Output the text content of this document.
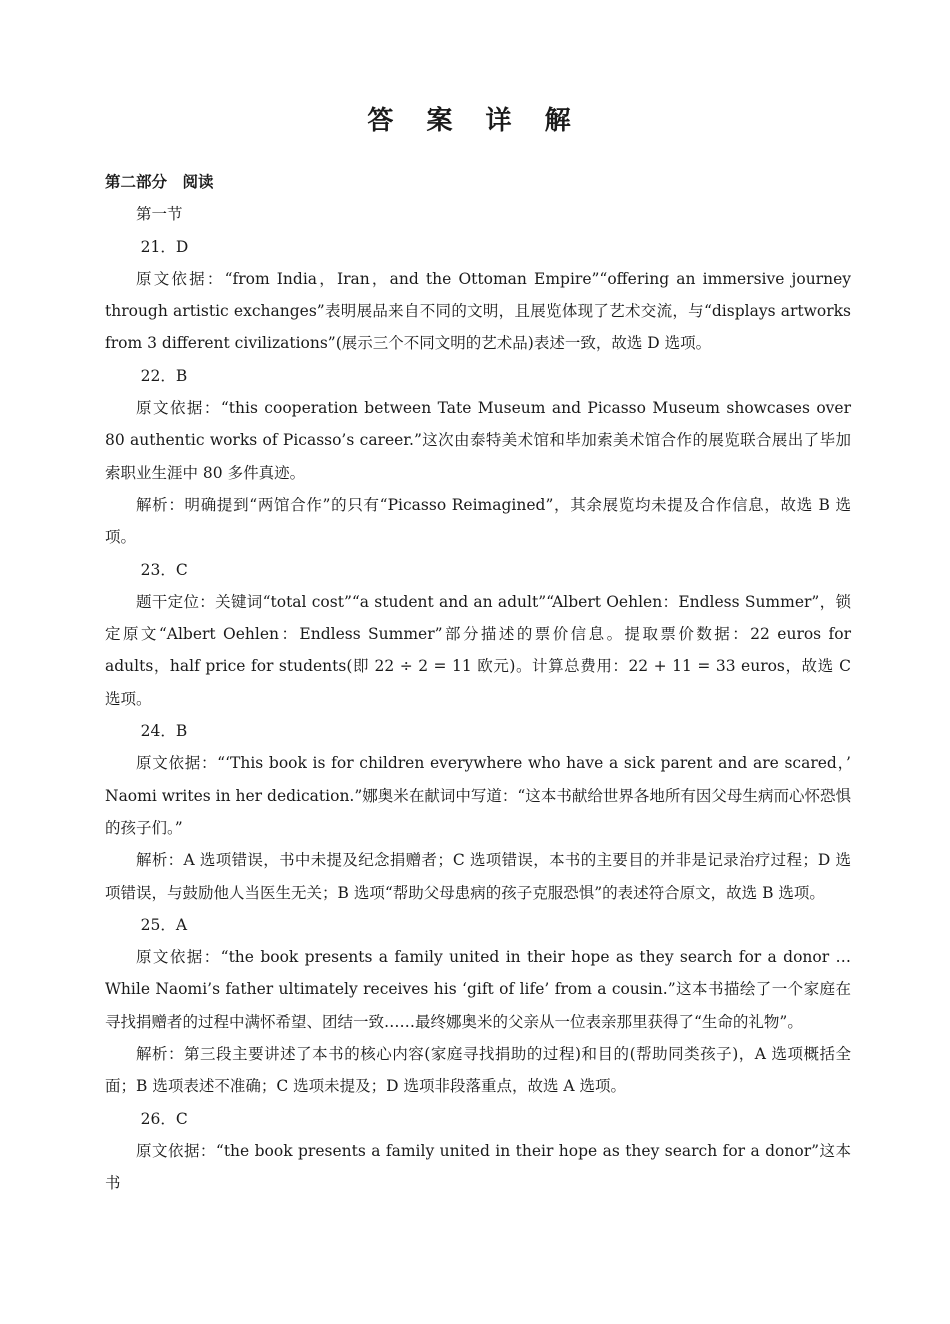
答 案 详 解

第二部分　阅读

第一节

21．D

原文依据：“from India，Iran，and the Ottoman Empire”“offering an immersive journey through artistic exchanges”表明展品来自不同的文明，且展览体现了艺术交流，与“displays artworks from 3 different civilizations”(展示三个不同文明的艺术品)表述一致，故选 D 选项。

22．B

原文依据：“this cooperation between Tate Museum and Picasso Museum showcases over 80 authentic works of Picasso’s career.”这次由泰特美术馆和毕加索美术馆合作的展览联合展出了毕加索职业生涯中 80 多件真迹。

解析：明确提到“两馆合作”的只有“Picasso Reimagined”，其余展览均未提及合作信息，故选 B 选项。

23．C

题干定位：关键词“total cost”“a student and an adult”“Albert Oehlen：Endless Summer”，锁定原文“Albert Oehlen：Endless Summer”部分描述的票价信息。提取票价数据：22 euros for adults，half price for students(即 22 ÷ 2 = 11 欧元)。计算总费用：22 + 11 = 33 euros，故选 C 选项。

24．B

原文依据：“‘This book is for children everywhere who have a sick parent and are scared，’ Naomi writes in her dedication.”娜奥米在献词中写道：“这本书献给世界各地所有因父母生病而心怀恐惧的孩子们。”

解析：A 选项错误，书中未提及纪念捐赠者；C 选项错误，本书的主要目的并非是记录治疗过程；D 选项错误，与鼓励他人当医生无关；B 选项“帮助父母患病的孩子克服恐惧”的表述符合原文，故选 B 选项。

25．A

原文依据：“the book presents a family united in their hope as they search for a donor … While Naomi’s father ultimately receives his ‘gift of life’ from a cousin.”这本书描绘了一个家庭在寻找捐赠者的过程中满怀希望、团结一致……最终娜奥米的父亲从一位表亲那里获得了“生命的礼物”。

解析：第三段主要讲述了本书的核心内容(家庭寻找捐助的过程)和目的(帮助同类孩子)，A 选项概括全面；B 选项表述不准确；C 选项未提及；D 选项非段落重点，故选 A 选项。

26．C

原文依据：“the book presents a family united in their hope as they search for a donor”这本书
